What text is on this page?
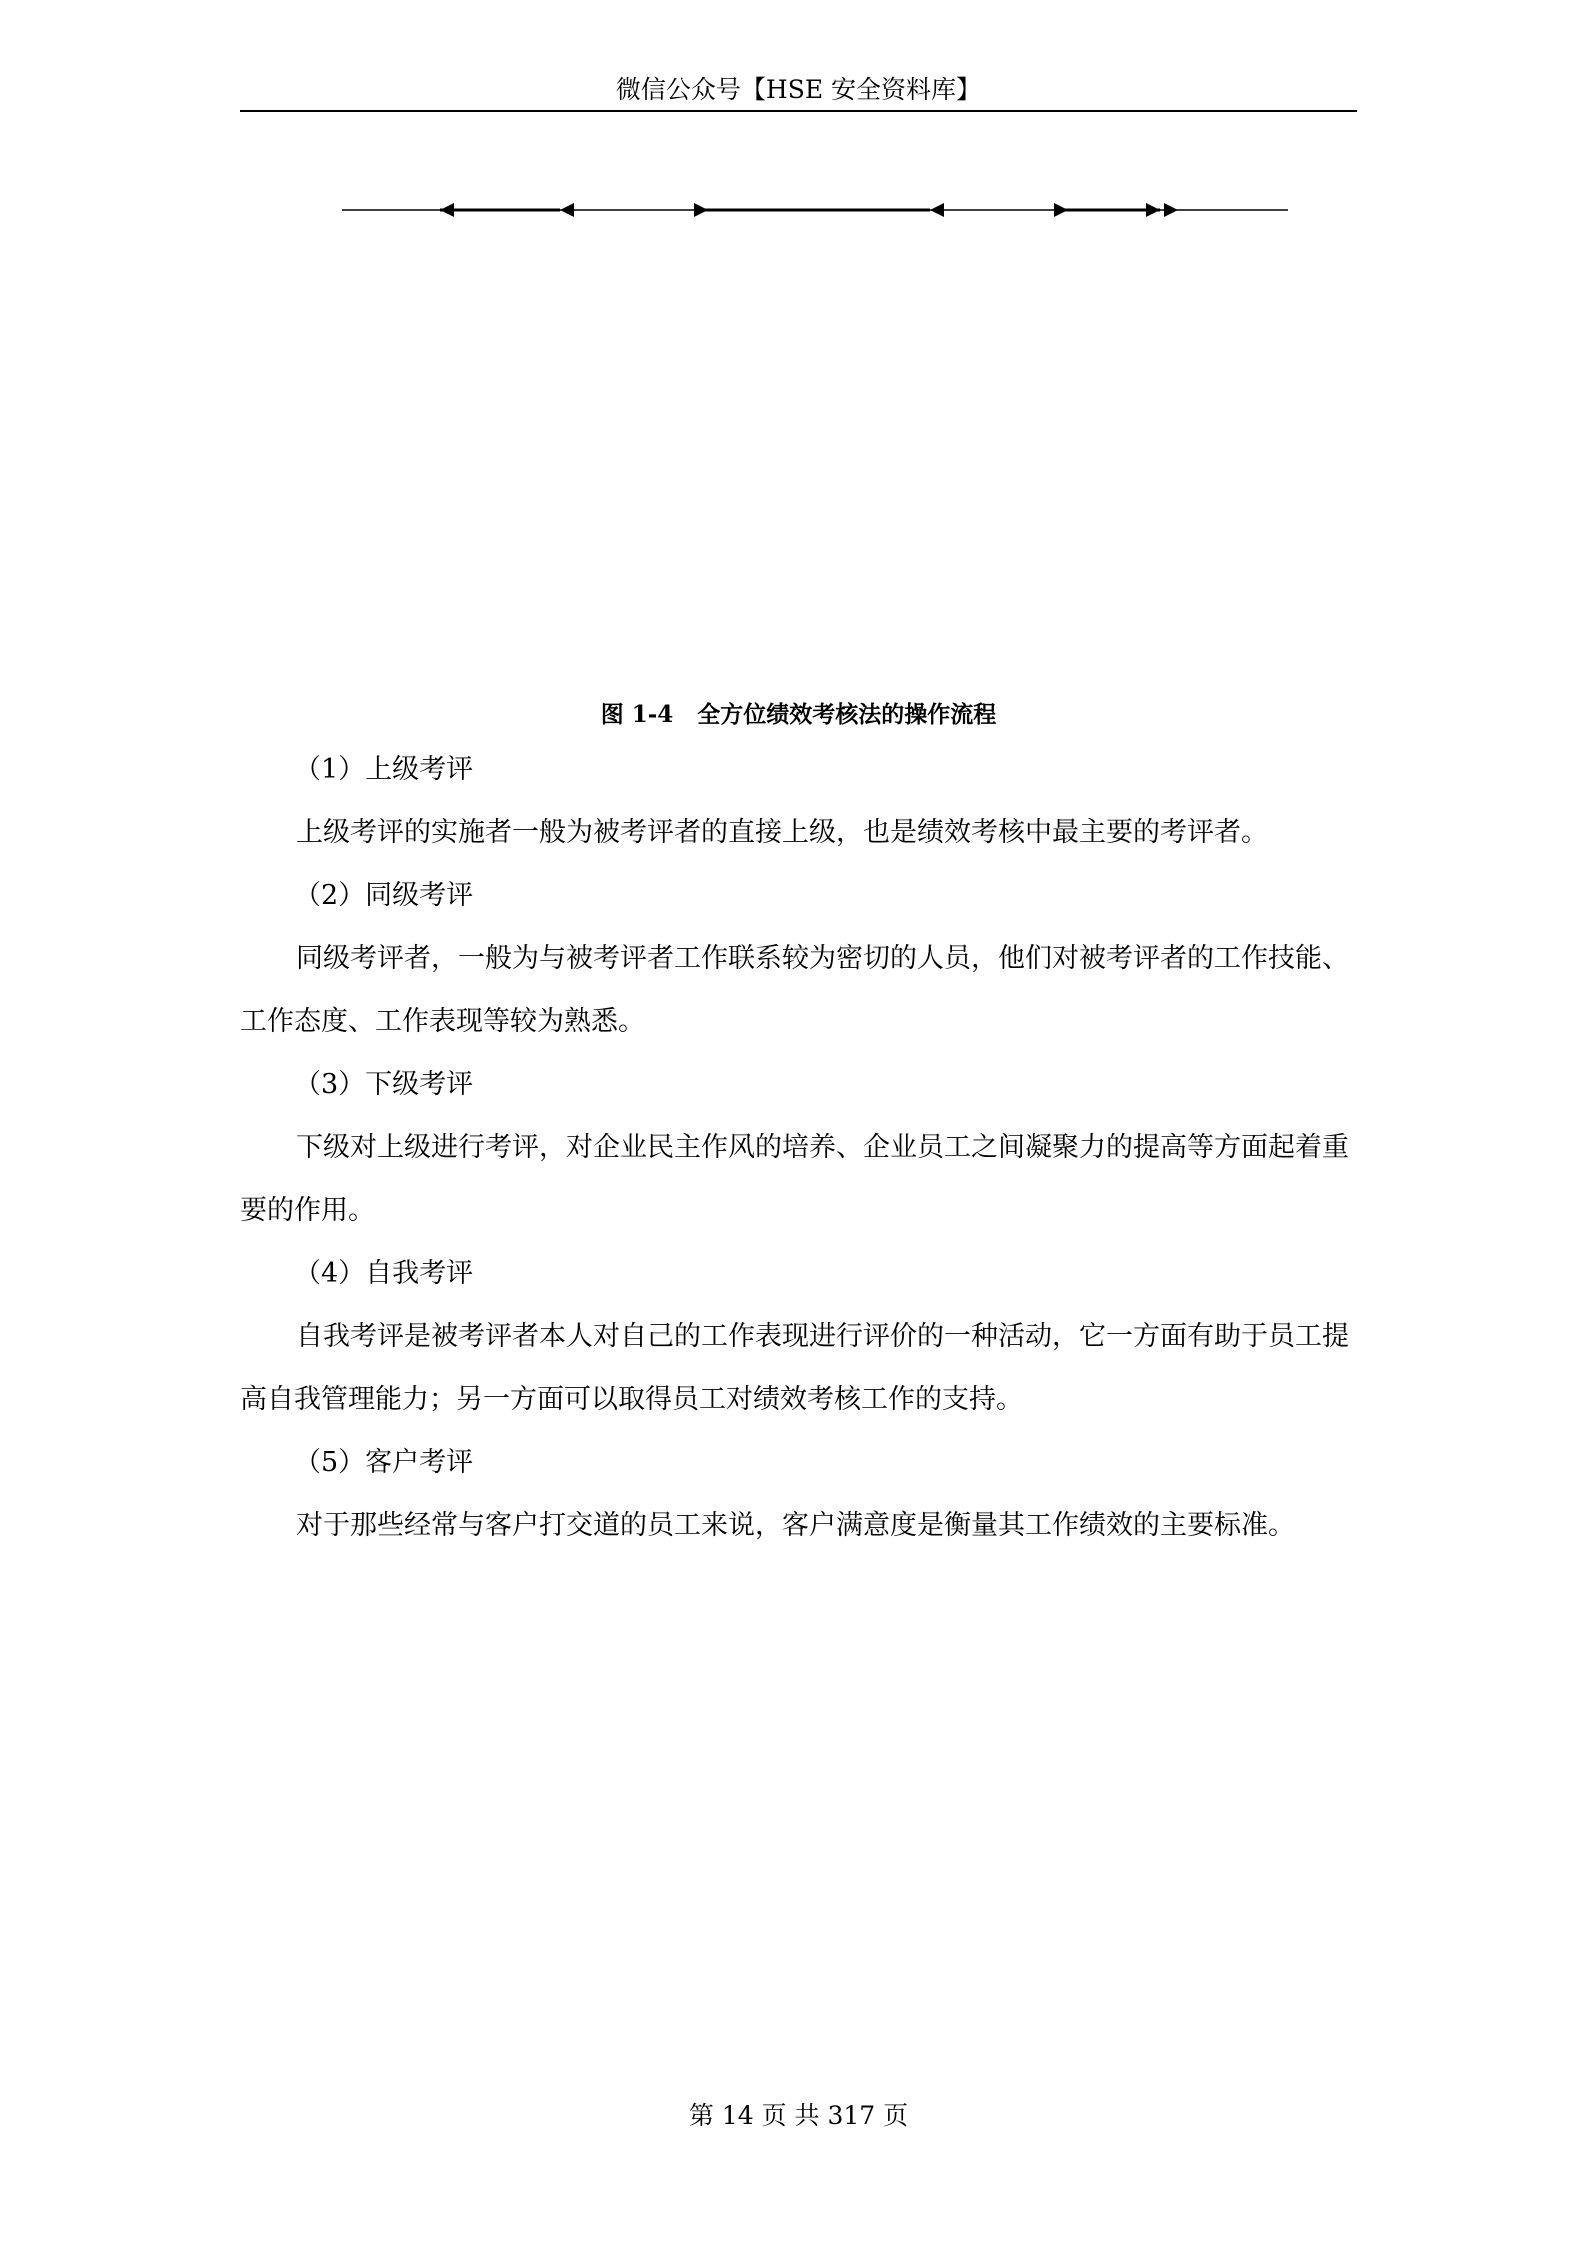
微信公众号【HSE 安全资料库】
图 1-4 全方位绩效考核法的操作流程

（1）上级考评

上级考评的实施者一般为被考评者的直接上级，也是绩效考核中最主要的考评者。

（2）同级考评

同级考评者，一般为与被考评者工作联系较为密切的人员，他们对被考评者的工作技能、工作态度、工作表现等较为熟悉。

（3）下级考评

下级对上级进行考评，对企业民主作风的培养、企业员工之间凝聚力的提高等方面起着重要的作用。

（4）自我考评

自我考评是被考评者本人对自己的工作表现进行评价的一种活动，它一方面有助于员工提高自我管理能力；另一方面可以取得员工对绩效考核工作的支持。

（5）客户考评

对于那些经常与客户打交道的员工来说，客户满意度是衡量其工作绩效的主要标准。

第 14 页 共 317 页
